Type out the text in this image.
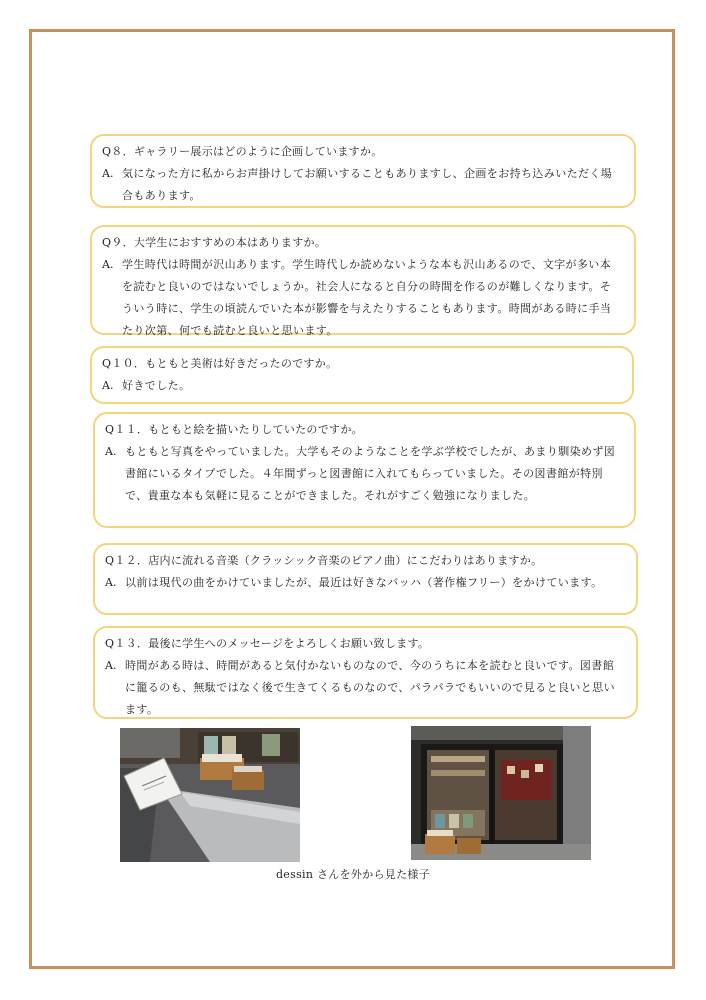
Q８．ギャラリー展示はどのように企画していますか。
A. 気になった方に私からお声掛けしてお願いすることもありますし、企画をお持ち込みいただく場合もあります。
Q９．大学生におすすめの本はありますか。
A. 学生時代は時間が沢山あります。学生時代しか読めないような本も沢山あるので、文字が多い本を読むと良いのではないでしょうか。社会人になると自分の時間を作るのが難しくなります。そういう時に、学生の頃読んでいた本が影響を与えたりすることもあります。時間がある時に手当たり次第、何でも読むと良いと思います。
Q１０．もともと美術は好きだったのですか。
A. 好きでした。
Q１１．もともと絵を描いたりしていたのですか。
A. もともと写真をやっていました。大学もそのようなことを学ぶ学校でしたが、あまり馴染めず図書館にいるタイプでした。４年間ずっと図書館に入れてもらっていました。その図書館が特別で、貴重な本も気軽に見ることができました。それがすごく勉強になりました。
Q１２．店内に流れる音楽（クラッシック音楽のピアノ曲）にこだわりはありますか。
A. 以前は現代の曲をかけていましたが、最近は好きなバッハ（著作権フリー）をかけています。
Q１３．最後に学生へのメッセージをよろしくお願い致します。
A. 時間がある時は、時間があると気付かないものなので、今のうちに本を読むと良いです。図書館に籠るのも、無駄ではなく後で生きてくるものなので、パラパラでもいいので見ると良いと思います。
dessin さんを外から見た様子
